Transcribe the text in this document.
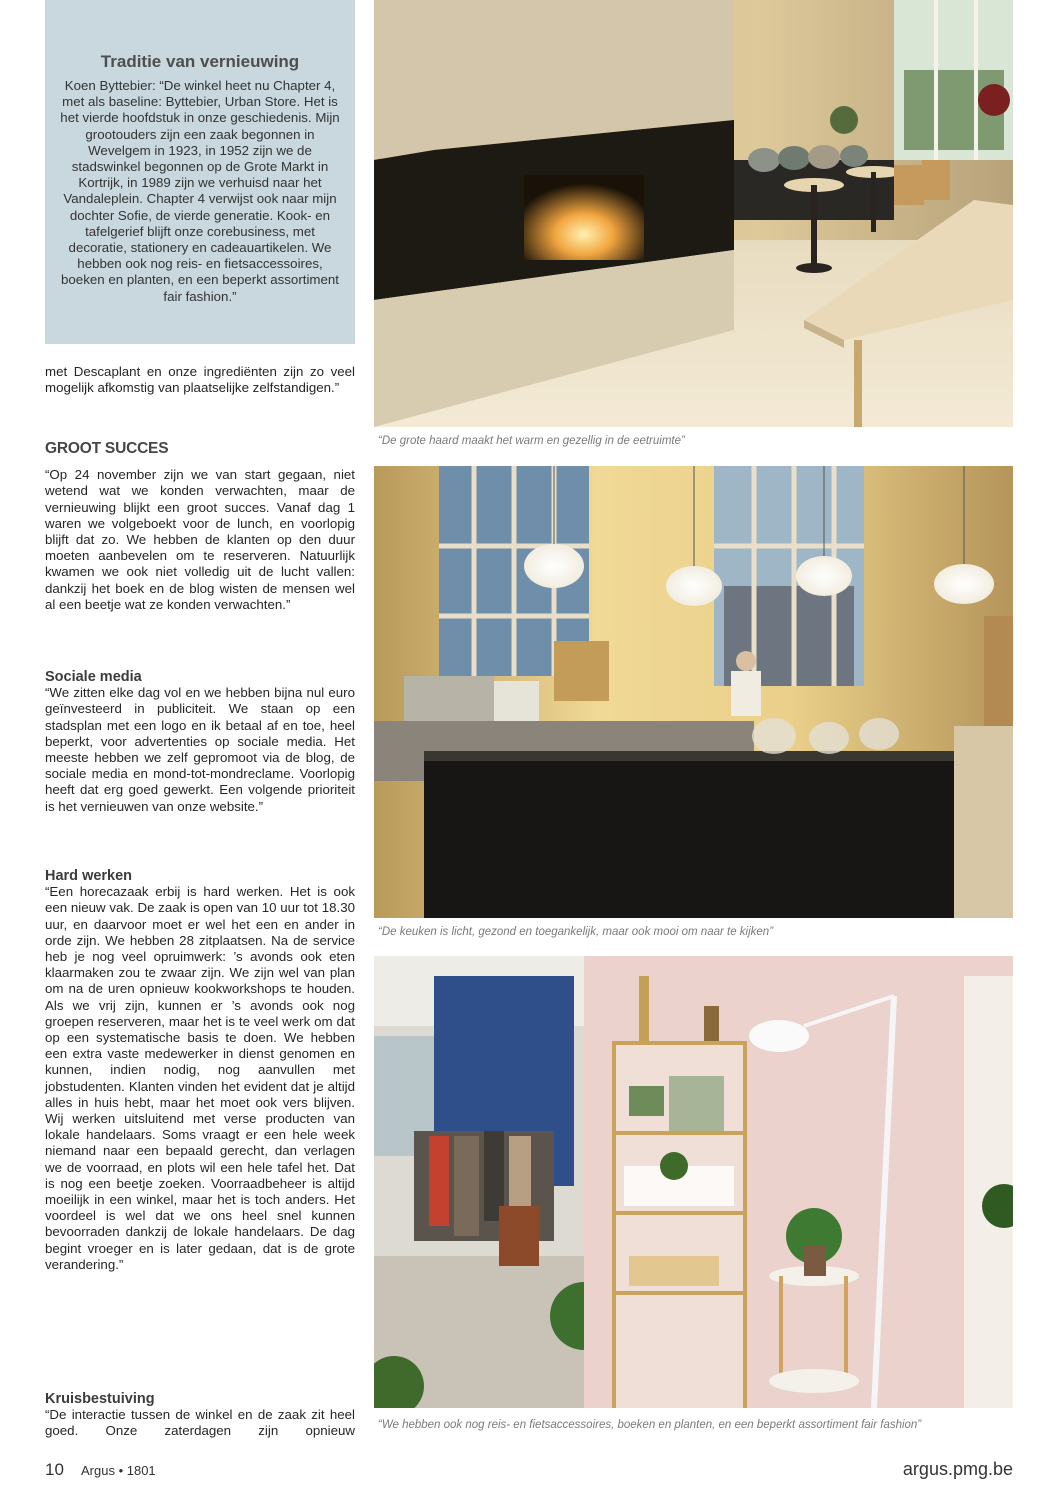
Traditie van vernieuwing

Koen Byttebier: “De winkel heet nu Chapter 4, met als baseline: Byttebier, Urban Store. Het is het vierde hoofdstuk in onze geschiedenis. Mijn grootouders zijn een zaak begonnen in Wevelgem in 1923, in 1952 zijn we de stadswinkel begonnen op de Grote Markt in Kortrijk, in 1989 zijn we verhuisd naar het Vandaleplein. Chapter 4 verwijst ook naar mijn dochter Sofie, de vierde generatie. Kook- en tafelgerief blijft onze corebusiness, met decoratie, stationery en cadeauartikelen. We hebben ook nog reis- en fietsaccessoires, boeken en planten, en een beperkt assortiment fair fashion.”

met Descaplant en onze ingrediënten zijn zo veel mogelijk afkomstig van plaatselijke zelfstandigen.”

GROOT SUCCES

“Op 24 november zijn we van start gegaan, niet wetend wat we konden verwachten, maar de vernieuwing blijkt een groot succes. Vanaf dag 1 waren we volgeboekt voor de lunch, en voorlopig blijft dat zo. We hebben de klanten op den duur moeten aanbevelen om te reserveren. Natuurlijk kwamen we ook niet volledig uit de lucht vallen: dankzij het boek en de blog wisten de mensen wel al een beetje wat ze konden verwachten.”

Sociale media

“We zitten elke dag vol en we hebben bijna nul euro geïnvesteerd in publiciteit. We staan op een stadsplan met een logo en ik betaal af en toe, heel beperkt, voor advertenties op sociale media. Het meeste hebben we zelf gepromoot via de blog, de sociale media en mond-tot-mondreclame. Voorlopig heeft dat erg goed gewerkt. Een volgende prioriteit is het vernieuwen van onze website.”

Hard werken

“Een horecazaak erbij is hard werken. Het is ook een nieuw vak. De zaak is open van 10 uur tot 18.30 uur, en daarvoor moet er wel het een en ander in orde zijn. We hebben 28 zitplaatsen. Na de service heb je nog veel opruimwerk: ’s avonds ook eten klaarmaken zou te zwaar zijn. We zijn wel van plan om na de uren opnieuw kookworkshops te houden. Als we vrij zijn, kunnen er ’s avonds ook nog groepen reserveren, maar het is te veel werk om dat op een systematische basis te doen. We hebben een extra vaste medewerker in dienst genomen en kunnen, indien nodig, nog aanvullen met jobstudenten. Klanten vinden het evident dat je altijd alles in huis hebt, maar het moet ook vers blijven. Wij werken uitsluitend met verse producten van lokale handelaars. Soms vraagt er een hele week niemand naar een bepaald gerecht, dan verlagen we de voorraad, en plots wil een hele tafel het. Dat is nog een beetje zoeken. Voorraadbeheer is altijd moeilijk in een winkel, maar het is toch anders. Het voordeel is wel dat we ons heel snel kunnen bevoorraden dankzij de lokale handelaars. De dag begint vroeger en is later gedaan, dat is de grote verandering.”

Kruisbestuiving

“De interactie tussen de winkel en de zaak zit heel goed. Onze zaterdagen zijn opnieuw

“De grote haard maakt het warm en gezellig in de eetruimte”
“De keuken is licht, gezond en toegankelijk, maar ook mooi om naar te kijken”
“We hebben ook nog reis- en fietsaccessoires, boeken en planten, en een beperkt assortiment fair fashion”
10 Argus • 1801	argus.pmg.be
